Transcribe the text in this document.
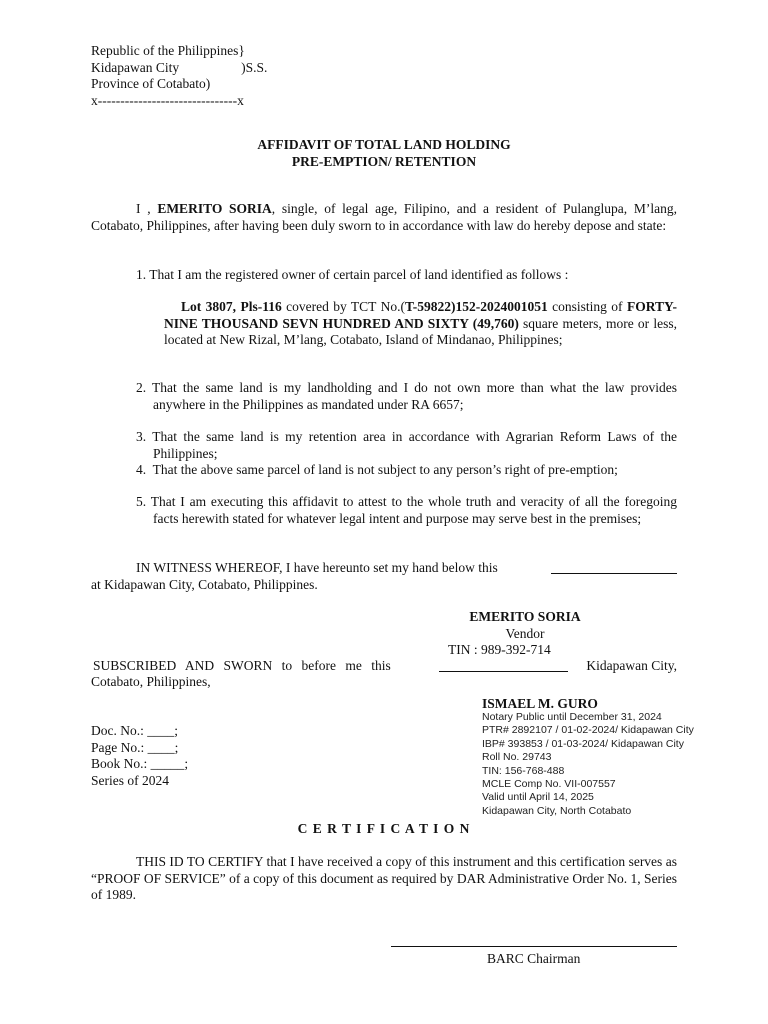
Republic of the Philippines}
Kidapawan City	)S.S.
Province of Cotabato)
x-------------------------------x
AFFIDAVIT OF TOTAL LAND HOLDING
PRE-EMPTION/ RETENTION
I , EMERITO SORIA, single, of legal age, Filipino, and a resident of Pulanglupa, M’lang, Cotabato, Philippines, after having been duly sworn to in accordance with law do hereby depose and state:
1. That I am the registered owner of certain parcel of land identified as follows :
Lot 3807, Pls-116 covered by TCT No.(T-59822)152-2024001051 consisting of FORTY-NINE THOUSAND SEVN HUNDRED AND SIXTY (49,760) square meters, more or less, located at New Rizal, M’lang, Cotabato, Island of Mindanao, Philippines;
2. That the same land is my landholding and I do not own more than what the law provides anywhere in the Philippines as mandated under RA 6657;
3. That the same land is my retention area in accordance with Agrarian Reform Laws of the Philippines;
4. That the above same parcel of land is not subject to any person’s right of pre-emption;
5. That I am executing this affidavit to attest to the whole truth and veracity of all the foregoing facts herewith stated for whatever legal intent and purpose may serve best in the premises;
IN WITNESS WHEREOF, I have hereunto set my hand below this
at Kidapawan City, Cotabato, Philippines.
EMERITO SORIA
Vendor
TIN : 989-392-714
SUBSCRIBED AND SWORN to before me this	Kidapawan City,
Cotabato, Philippines,
ISMAEL M. GURO
Notary Public until December 31, 2024
PTR# 2892107 / 01-02-2024/ Kidapawan City
IBP# 393853 / 01-03-2024/ Kidapawan City
Roll No. 29743
TIN: 156-768-488
MCLE Comp No. VII-007557
Valid until April 14, 2025
Kidapawan City, North Cotabato
Doc. No.: ____;
Page No.: ____;
Book No.: _____;
Series of 2024
C E R T I F I C A T I O N
THIS ID TO CERTIFY that I have received a copy of this instrument and this certification serves as “PROOF OF SERVICE” of a copy of this document as required by DAR Administrative Order No. 1, Series of 1989.
BARC Chairman
